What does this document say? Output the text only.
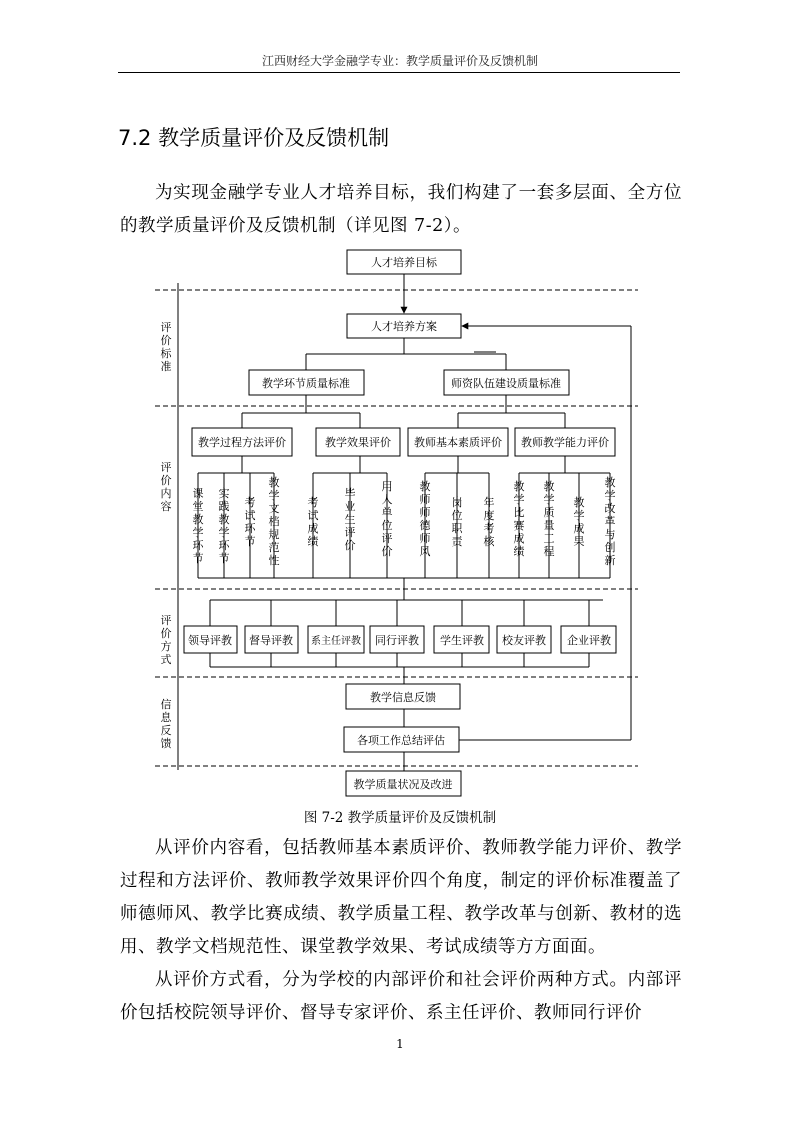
江西财经大学金融学专业：教学质量评价及反馈机制
7.2 教学质量评价及反馈机制

为实现金融学专业人才培养目标，我们构建了一套多层面、全方位的教学质量评价及反馈机制（详见图 7-2）。

人才培养目标
人才培养方案
教学环节质量标准	师资队伍建设质量标准
教学过程方法评价	教学效果评价 教师基本素质评价 教师教学能力评价
领导评教 督导评教 系主任评教 同行评教 学生评教 校友评教 企业评教
教学信息反馈
各项工作总结评估
教学质量状况及改进
课堂教学环节
实践教学环节
考试环节
教学文档规范性
考试成绩
毕业生评价
用人单位评价
教师师德师风
岗位职责
年度考核
教学比赛成绩
教学质量工程
教学成果
教学改革与创新
评价标准
评价内容
评价方式
信息反馈
图 7-2 教学质量评价及反馈机制

从评价内容看，包括教师基本素质评价、教师教学能力评价、教学过程和方法评价、教师教学效果评价四个角度，制定的评价标准覆盖了师德师风、教学比赛成绩、教学质量工程、教学改革与创新、教材的选用、教学文档规范性、课堂教学效果、考试成绩等方方面面。

从评价方式看，分为学校的内部评价和社会评价两种方式。内部评价包括校院领导评价、督导专家评价、系主任评价、教师同行评价

1
